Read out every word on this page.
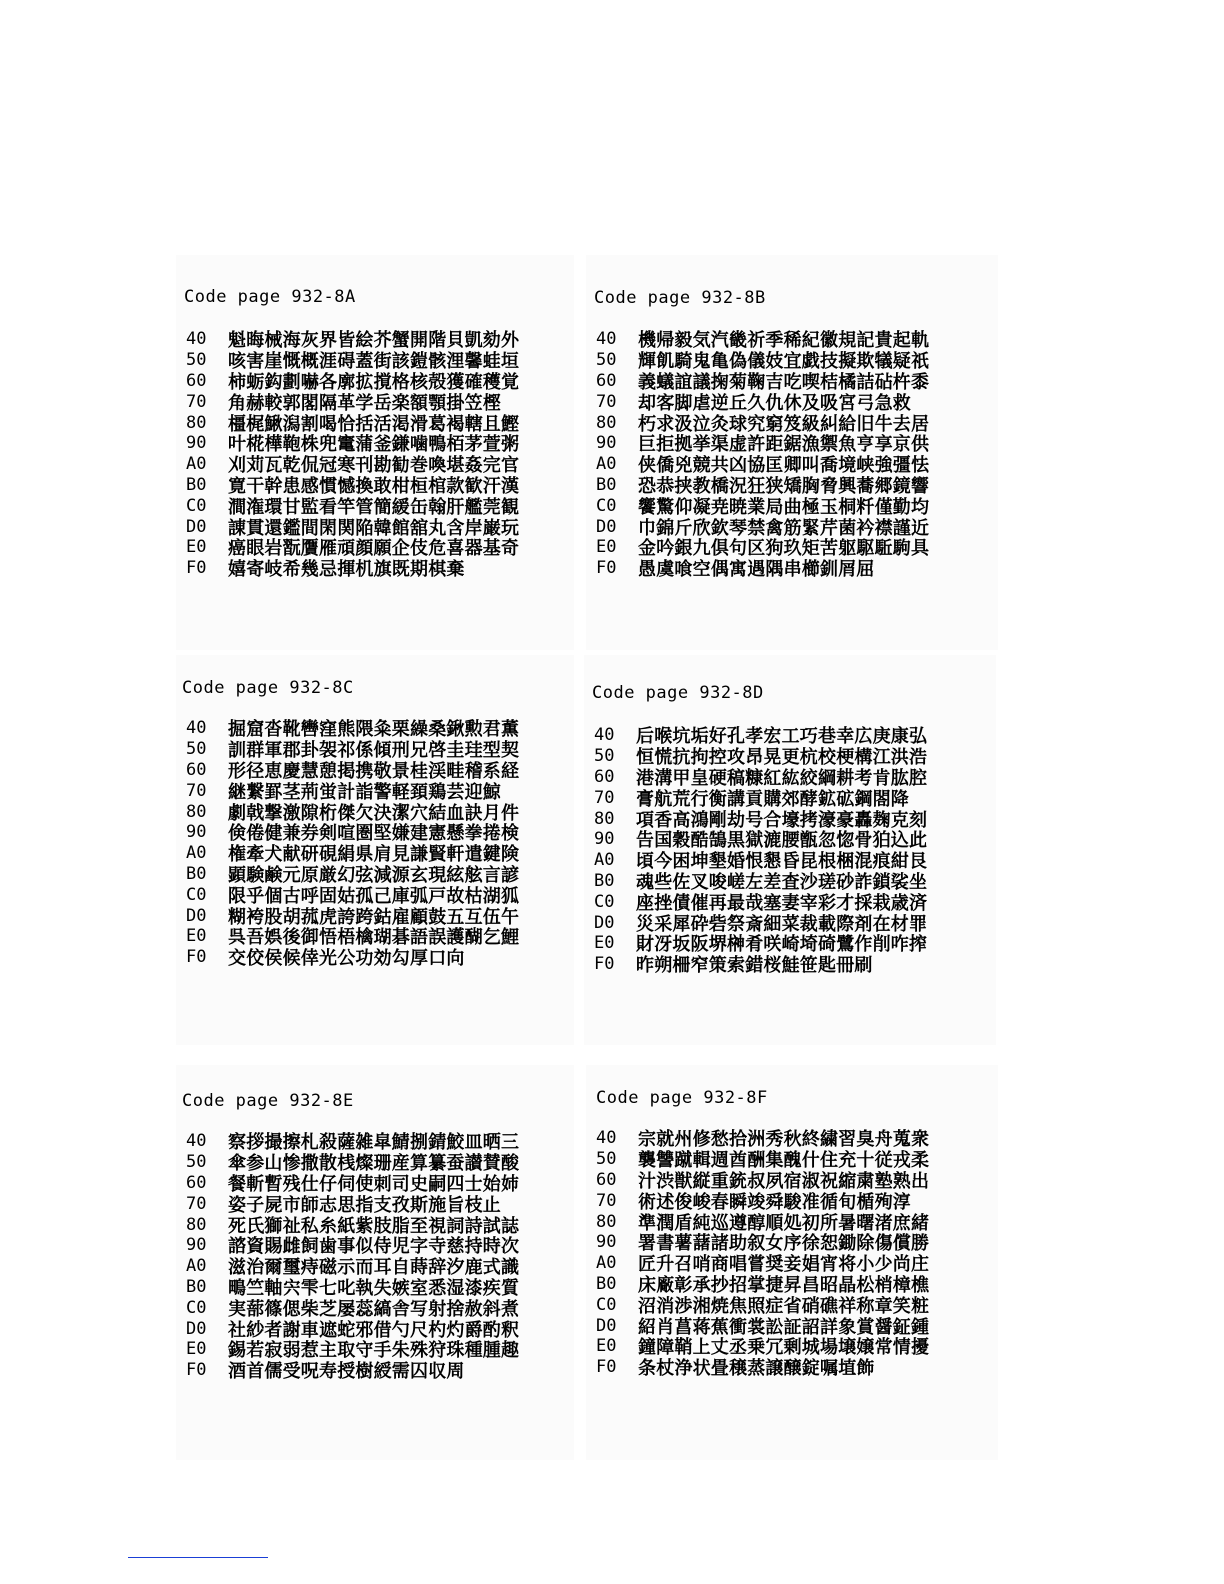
Code page 932-8A
40	魁晦械海灰界皆絵芥蟹開階貝凱劾外
50	咳害崖慨概涯碍蓋街該鎧骸浬馨蛙垣
60	柿蛎鈎劃嚇各廓拡撹格核殻獲確穫覚
70	角赫較郭閣隔革学岳楽額顎掛笠樫
80	橿梶鰍潟割喝恰括活渇滑葛褐轄且鰹
90	叶椛樺鞄株兜竃蒲釜鎌噛鴨栢茅萱粥
A0	刈苅瓦乾侃冠寒刊勘勧巻喚堪姦完官
B0	寛干幹患感慣憾換敢柑桓棺款歓汗漢
C0	澗潅環甘監看竿管簡緩缶翰肝艦莞観
D0	諌貫還鑑間閑関陥韓館舘丸含岸巌玩
E0	癌眼岩翫贋雁頑顔願企伎危喜器基奇
F0	嬉寄岐希幾忌揮机旗既期棋棄
Code page 932-8B
40	機帰毅気汽畿祈季稀紀徽規記貴起軌
50	輝飢騎鬼亀偽儀妓宜戯技擬欺犠疑祇
60	義蟻誼議掬菊鞠吉吃喫桔橘詰砧杵黍
70	却客脚虐逆丘久仇休及吸宮弓急救
80	朽求汲泣灸球究窮笈級糾給旧牛去居
90	巨拒拠挙渠虚許距鋸漁禦魚亨享京供
A0	侠僑兇競共凶協匡卿叫喬境峡強彊怯
B0	恐恭挟教橋況狂狭矯胸脅興蕎郷鏡響
C0	饗驚仰凝尭暁業局曲極玉桐粁僅勤均
D0	巾錦斤欣欽琴禁禽筋緊芹菌衿襟謹近
E0	金吟銀九倶句区狗玖矩苦躯駆駈駒具
F0	愚虞喰空偶寓遇隅串櫛釧屑屈
Code page 932-8C
40	掘窟沓靴轡窪熊隈粂栗繰桑鍬勲君薫
50	訓群軍郡卦袈祁係傾刑兄啓圭珪型契
60	形径恵慶慧憩掲携敬景桂渓畦稽系経
70	継繋罫茎荊蛍計詣警軽頚鶏芸迎鯨
80	劇戟撃激隙桁傑欠決潔穴結血訣月件
90	倹倦健兼券剣喧圏堅嫌建憲懸拳捲検
A0	権牽犬献研硯絹県肩見謙賢軒遣鍵険
B0	顕験鹸元原厳幻弦減源玄現絃舷言諺
C0	限乎個古呼固姑孤己庫弧戸故枯湖狐
D0	糊袴股胡菰虎誇跨鈷雇顧鼓五互伍午
E0	呉吾娯後御悟梧檎瑚碁語誤護醐乞鯉
F0	交佼侯候倖光公功効勾厚口向
Code page 932-8D
40	后喉坑垢好孔孝宏工巧巷幸広庚康弘
50	恒慌抗拘控攻昂晃更杭校梗構江洪浩
60	港溝甲皇硬稿糠紅紘絞綱耕考肯肱腔
70	膏航荒行衡講貢購郊酵鉱砿鋼閤降
80	項香高鴻剛劫号合壕拷濠豪轟麹克刻
90	告国穀酷鵠黒獄漉腰甑忽惚骨狛込此
A0	頃今困坤墾婚恨懇昏昆根梱混痕紺艮
B0	魂些佐叉唆嵯左差査沙瑳砂詐鎖裟坐
C0	座挫債催再最哉塞妻宰彩才採栽歳済
D0	災采犀砕砦祭斎細菜裁載際剤在材罪
E0	財冴坂阪堺榊肴咲崎埼碕鷺作削咋搾
F0	昨朔柵窄策索錯桜鮭笹匙冊刷
Code page 932-8E
40	察拶撮擦札殺薩雑皐鯖捌錆鮫皿晒三
50	傘参山惨撒散桟燦珊産算纂蚕讃賛酸
60	餐斬暫残仕仔伺使刺司史嗣四士始姉
70	姿子屍市師志思指支孜斯施旨枝止
80	死氏獅祉私糸紙紫肢脂至視詞詩試誌
90	諮資賜雌飼歯事似侍児字寺慈持時次
A0	滋治爾璽痔磁示而耳自蒔辞汐鹿式識
B0	鴫竺軸宍雫七叱執失嫉室悉湿漆疾質
C0	実蔀篠偲柴芝屡蕊縞舎写射捨赦斜煮
D0	社紗者謝車遮蛇邪借勺尺杓灼爵酌釈
E0	錫若寂弱惹主取守手朱殊狩珠種腫趣
F0	酒首儒受呪寿授樹綬需囚収周
Code page 932-8F
40	宗就州修愁拾洲秀秋終繍習臭舟蒐衆
50	襲讐蹴輯週酋酬集醜什住充十従戎柔
60	汁渋獣縦重銃叔夙宿淑祝縮粛塾熟出
70	術述俊峻春瞬竣舜駿准循旬楯殉淳
80	準潤盾純巡遵醇順処初所暑曙渚庶緒
90	署書薯藷諸助叙女序徐恕鋤除傷償勝
A0	匠升召哨商唱嘗奨妾娼宵将小少尚庄
B0	床廠彰承抄招掌捷昇昌昭晶松梢樟樵
C0	沼消渉湘焼焦照症省硝礁祥称章笑粧
D0	紹肖菖蒋蕉衝裳訟証詔詳象賞醤鉦鍾
E0	鐘障鞘上丈丞乗冗剰城場壌嬢常情擾
F0	条杖浄状畳穣蒸譲醸錠嘱埴飾
